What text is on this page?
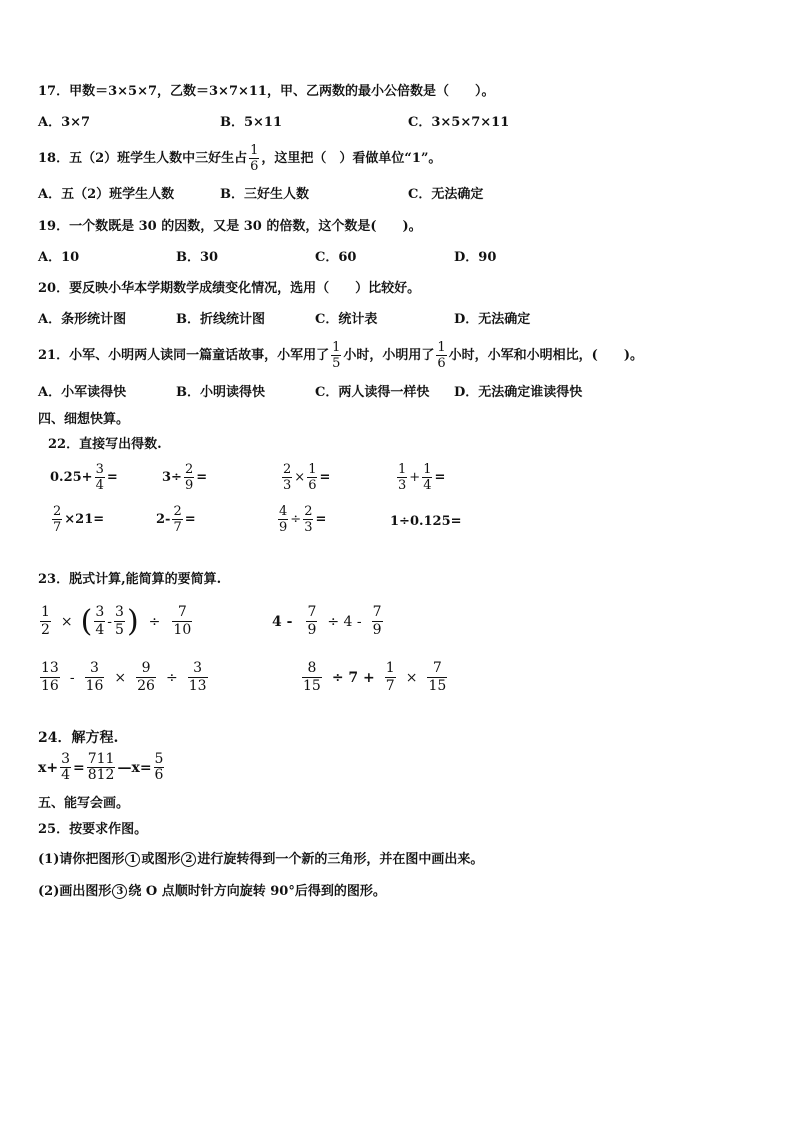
17．甲数＝3×5×7，乙数＝3×7×11，甲、乙两数的最小公倍数是（　　）。
A．3×7	B．5×11	C．3×5×7×11
18．五（2）班学生人数中三好生占 $\frac{1}{6}$ ，这里把（　）看做单位“1”。
A．五（2）班学生人数	B．三好生人数	C．无法确定
19．一个数既是 30 的因数，又是 30 的倍数，这个数是(　　)。
A．10	B．30	C．60	D．90
20．要反映小华本学期数学成绩变化情况，选用（　　）比较好。
A．条形统计图	B．折线统计图	C．统计表	D．无法确定
21．小军、小明两人读同一篇童话故事，小军用了 $\frac{1}{5}$ 小时，小明用了 $\frac{1}{6}$ 小时，小军和小明相比，(　　)。
A．小军读得快	B．小明读得快	C．两人读得一样快 D．无法确定谁读得快
四、细想快算。
22．直接写出得数.
$0.25+ \frac{3}{4}$ =	$3\div \frac{2}{9}$ =	$\frac{2}{3} \times \frac{1}{6}$ =	$\frac{1}{3} + \frac{1}{4}$ =
$\frac{2}{7} \times 21=$	$2- \frac{2}{7}$ =	$\frac{4}{9} \div \frac{2}{3}$ =	1÷0.125=
23．脱式计算,能简算的要简算.
$\frac{1}{2}$ × ( $\frac{3}{4} - \frac{3}{5}$ ) ÷ $\frac{7}{10}$	$4 - \frac{7}{9} \div 4 - \frac{7}{9}$
$\frac{13}{16} - \frac{3}{16} \times \frac{9}{26} \div \frac{3}{13}$	$\frac{8}{15} \div 7 + \frac{1}{7} \times \frac{7}{15}$
24．解方程.
$x+ \frac{3}{4} = \frac{711}{812}$ —x= $\frac{5}{6}$
五、能写会画。
25．按要求作图。
(1)请你把图形 1 或图形 2 进行旋转得到一个新的三角形，并在图中画出来。
(2)画出图形 3 绕 O 点顺时针方向旋转 90°后得到的图形。
